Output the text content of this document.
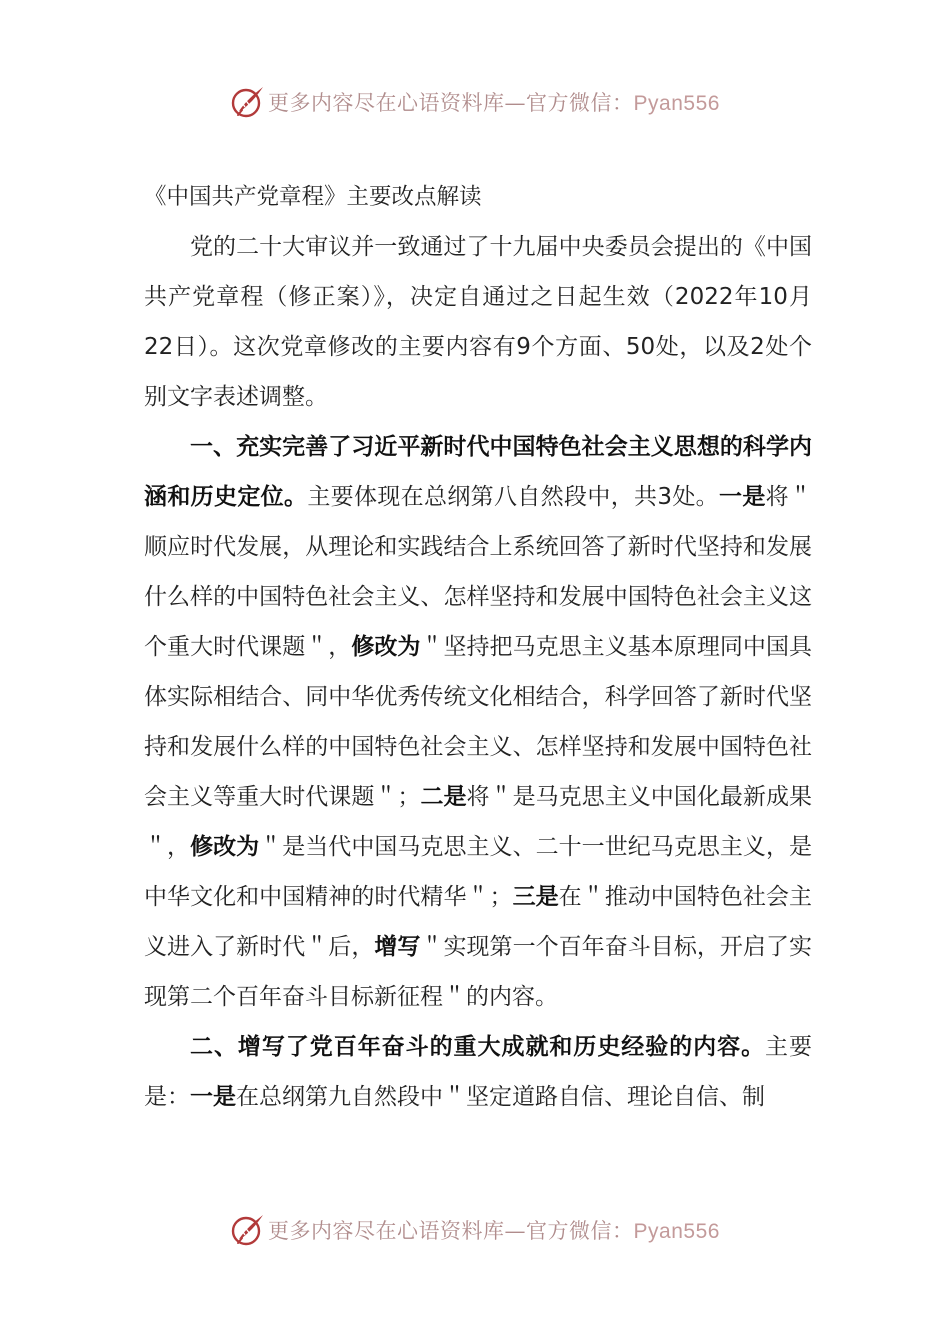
更多内容尽在心语资料库—官方微信：Pyan556

《中国共产党章程》主要改点解读

党的二十大审议并一致通过了十九届中央委员会提出的《中国共产党章程（修正案）》，决定自通过之日起生效（2022年10月22日）。这次党章修改的主要内容有9个方面、50处，以及2处个别文字表述调整。

一、充实完善了习近平新时代中国特色社会主义思想的科学内涵和历史定位。主要体现在总纲第八自然段中，共3处。一是将＂顺应时代发展，从理论和实践结合上系统回答了新时代坚持和发展什么样的中国特色社会主义、怎样坚持和发展中国特色社会主义这个重大时代课题＂，修改为＂坚持把马克思主义基本原理同中国具体实际相结合、同中华优秀传统文化相结合，科学回答了新时代坚持和发展什么样的中国特色社会主义、怎样坚持和发展中国特色社会主义等重大时代课题＂；二是将＂是马克思主义中国化最新成果＂，修改为＂是当代中国马克思主义、二十一世纪马克思主义，是中华文化和中国精神的时代精华＂；三是在＂推动中国特色社会主义进入了新时代＂后，增写＂实现第一个百年奋斗目标，开启了实现第二个百年奋斗目标新征程＂的内容。

二、增写了党百年奋斗的重大成就和历史经验的内容。主要是：一是在总纲第九自然段中＂坚定道路自信、理论自信、制

更多内容尽在心语资料库—官方微信：Pyan556
